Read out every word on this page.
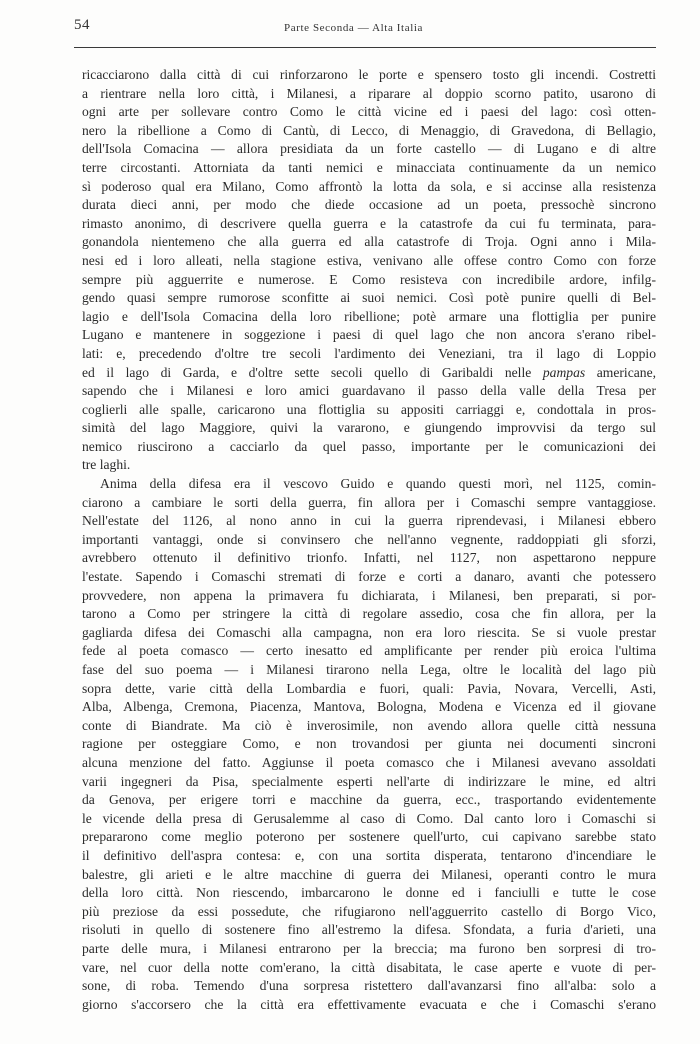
54	Parte Seconda — Alta Italia
ricacciarono dalla città di cui rinforzarono le porte e spensero tosto gli incendi. Costretti
a rientrare nella loro città, i Milanesi, a riparare al doppio scorno patito, usarono di
ogni arte per sollevare contro Como le città vicine ed i paesi del lago: così otten-
nero la ribellione a Como di Cantù, di Lecco, di Menaggio, di Gravedona, di Bellagio,
dell'Isola Comacina — allora presidiata da un forte castello — di Lugano e di altre
terre circostanti. Attorniata da tanti nemici e minacciata continuamente da un nemico
sì poderoso qual era Milano, Como affrontò la lotta da sola, e si accinse alla resistenza
durata dieci anni, per modo che diede occasione ad un poeta, pressochè sincrono
rimasto anonimo, di descrivere quella guerra e la catastrofe da cui fu terminata, para-
gonandola nientemeno che alla guerra ed alla catastrofe di Troja. Ogni anno i Mila-
nesi ed i loro alleati, nella stagione estiva, venivano alle offese contro Como con forze
sempre più agguerrite e numerose. E Como resisteva con incredibile ardore, infilg-
gendo quasi sempre rumorose sconfitte ai suoi nemici. Così potè punire quelli di Bel-
lagio e dell'Isola Comacina della loro ribellione; potè armare una flottiglia per punire
Lugano e mantenere in soggezione i paesi di quel lago che non ancora s'erano ribel-
lati: e, precedendo d'oltre tre secoli l'ardimento dei Veneziani, tra il lago di Loppio
ed il lago di Garda, e d'oltre sette secoli quello di Garibaldi nelle pampas americane,
sapendo che i Milanesi e loro amici guardavano il passo della valle della Tresa per
coglierli alle spalle, caricarono una flottiglia su appositi carriaggi e, condottala in pros-
simità del lago Maggiore, quivi la vararono, e giungendo improvvisi da tergo sul
nemico riuscirono a cacciarlo da quel passo, importante per le comunicazioni dei
tre laghi.
Anima della difesa era il vescovo Guido e quando questi morì, nel 1125, comin-
ciarono a cambiare le sorti della guerra, fin allora per i Comaschi sempre vantaggiose.
Nell'estate del 1126, al nono anno in cui la guerra riprendevasi, i Milanesi ebbero
importanti vantaggi, onde si convinsero che nell'anno vegnente, raddoppiati gli sforzi,
avrebbero ottenuto il definitivo trionfo. Infatti, nel 1127, non aspettarono neppure
l'estate. Sapendo i Comaschi stremati di forze e corti a danaro, avanti che potessero
provvedere, non appena la primavera fu dichiarata, i Milanesi, ben preparati, si por-
tarono a Como per stringere la città di regolare assedio, cosa che fin allora, per la
gagliarda difesa dei Comaschi alla campagna, non era loro riescita. Se si vuole prestar
fede al poeta comasco — certo inesatto ed amplificante per render più eroica l'ultima
fase del suo poema — i Milanesi tirarono nella Lega, oltre le località del lago più
sopra dette, varie città della Lombardia e fuori, quali: Pavia, Novara, Vercelli, Asti,
Alba, Albenga, Cremona, Piacenza, Mantova, Bologna, Modena e Vicenza ed il giovane
conte di Biandrate. Ma ciò è inverosimile, non avendo allora quelle città nessuna
ragione per osteggiare Como, e non trovandosi per giunta nei documenti sincroni
alcuna menzione del fatto. Aggiunse il poeta comasco che i Milanesi avevano assoldati
varii ingegneri da Pisa, specialmente esperti nell'arte di indirizzare le mine, ed altri
da Genova, per erigere torri e macchine da guerra, ecc., trasportando evidentemente
le vicende della presa di Gerusalemme al caso di Como. Dal canto loro i Comaschi si
prepararono come meglio poterono per sostenere quell'urto, cui capivano sarebbe stato
il definitivo dell'aspra contesa: e, con una sortita disperata, tentarono d'incendiare le
balestre, gli arieti e le altre macchine di guerra dei Milanesi, operanti contro le mura
della loro città. Non riescendo, imbarcarono le donne ed i fanciulli e tutte le cose
più preziose da essi possedute, che rifugiarono nell'agguerrito castello di Borgo Vico,
risoluti in quello di sostenere fino all'estremo la difesa. Sfondata, a furia d'arieti, una
parte delle mura, i Milanesi entrarono per la breccia; ma furono ben sorpresi di tro-
vare, nel cuor della notte com'erano, la città disabitata, le case aperte e vuote di per-
sone, di roba. Temendo d'una sorpresa ristettero dall'avanzarsi fino all'alba: solo a
giorno s'accorsero che la città era effettivamente evacuata e che i Comaschi s'erano
